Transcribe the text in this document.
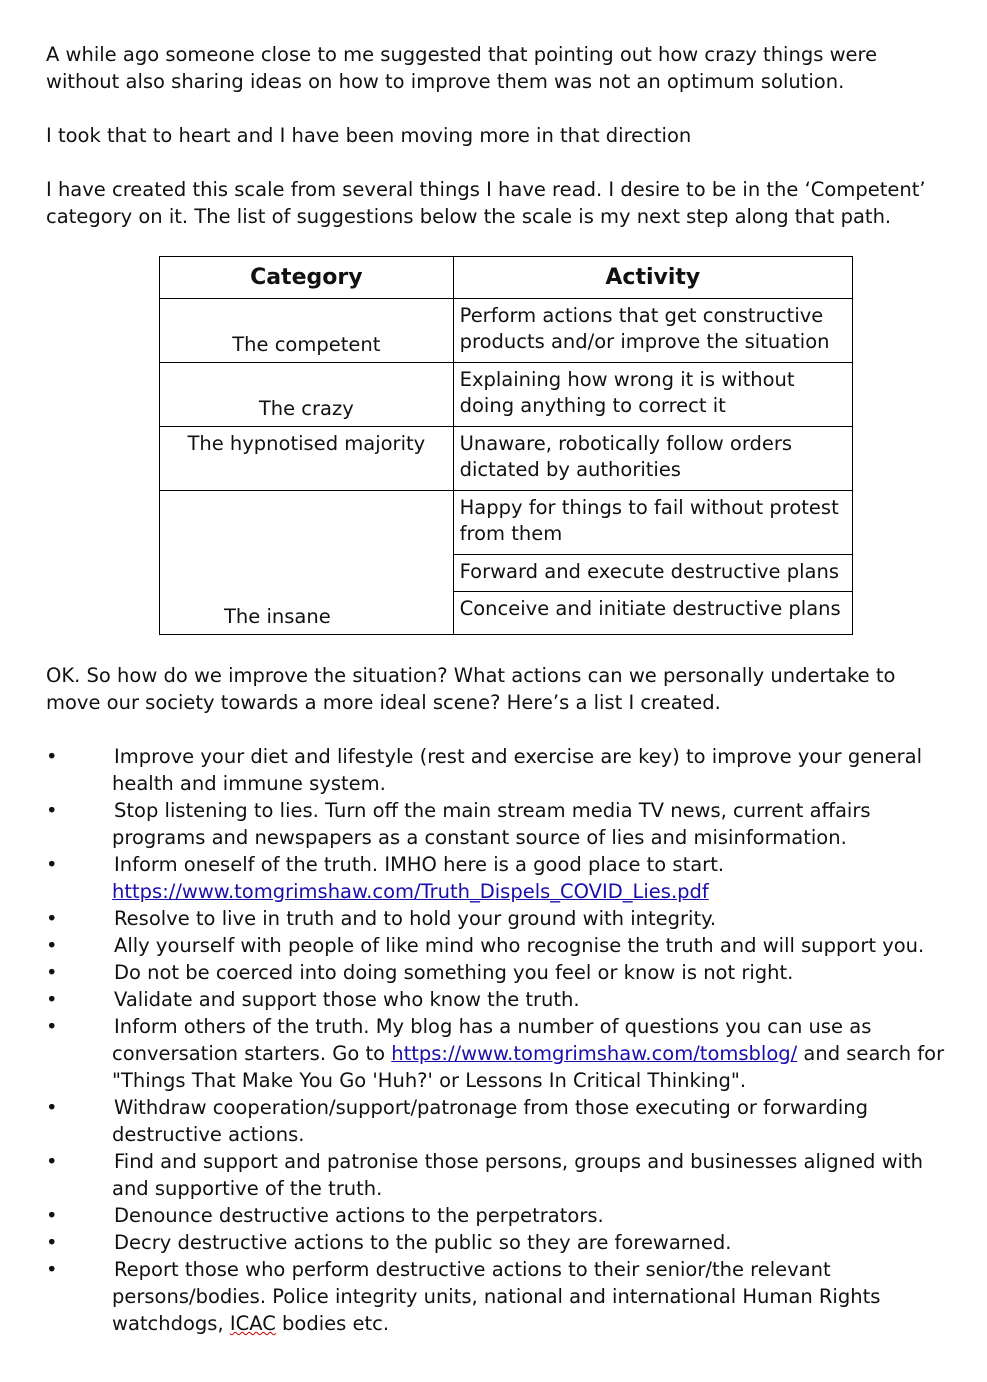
A while ago someone close to me suggested that pointing out how crazy things were without also sharing ideas on how to improve them was not an optimum solution.

I took that to heart and I have been moving more in that direction

I have created this scale from several things I have read. I desire to be in the ‘Competent’ category on it. The list of suggestions below the scale is my next step along that path.

Category	Activity
The competent	Perform actions that get constructive products and/or improve the situation
The crazy	Explaining how wrong it is without doing anything to correct it
The hypnotised majority	Unaware, robotically follow orders dictated by authorities
The insane	Happy for things to fail without protest from them
	Forward and execute destructive plans
	Conceive and initiate destructive plans

OK. So how do we improve the situation? What actions can we personally undertake to move our society towards a more ideal scene? Here’s a list I created.

•	Improve your diet and lifestyle (rest and exercise are key) to improve your general health and immune system.
•	Stop listening to lies. Turn off the main stream media TV news, current affairs programs and newspapers as a constant source of lies and misinformation.
•	Inform oneself of the truth. IMHO here is a good place to start.
https://www.tomgrimshaw.com/Truth_Dispels_COVID_Lies.pdf
•	Resolve to live in truth and to hold your ground with integrity.
•	Ally yourself with people of like mind who recognise the truth and will support you.
•	Do not be coerced into doing something you feel or know is not right.
•	Validate and support those who know the truth.
•	Inform others of the truth. My blog has a number of questions you can use as conversation starters. Go to https://www.tomgrimshaw.com/tomsblog/ and search for "Things That Make You Go 'Huh?' or Lessons In Critical Thinking".
•	Withdraw cooperation/support/patronage from those executing or forwarding destructive actions.
•	Find and support and patronise those persons, groups and businesses aligned with and supportive of the truth.
•	Denounce destructive actions to the perpetrators.
•	Decry destructive actions to the public so they are forewarned.
•	Report those who perform destructive actions to their senior/the relevant persons/bodies. Police integrity units, national and international Human Rights watchdogs, ICAC bodies etc.
